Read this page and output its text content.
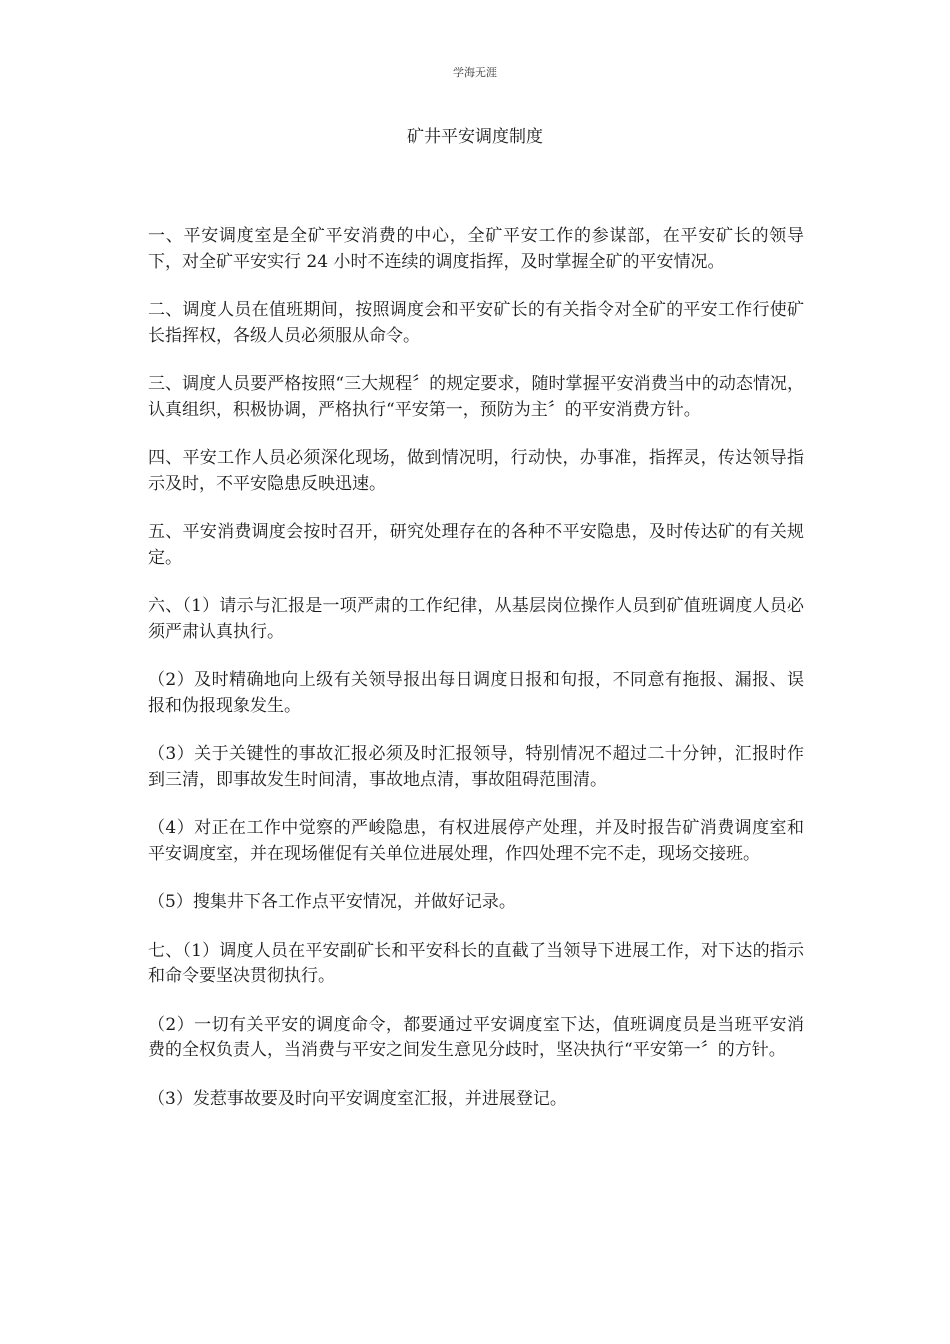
学海无涯
矿井平安调度制度

一、平安调度室是全矿平安消费的中心，全矿平安工作的参谋部，在平安矿长的领导下，对全矿平安实行 24 小时不连续的调度指挥，及时掌握全矿的平安情况。

二、调度人员在值班期间，按照调度会和平安矿长的有关指令对全矿的平安工作行使矿长指挥权，各级人员必须服从命令。

三、调度人员要严格按照“三大规程〞的规定要求，随时掌握平安消费当中的动态情况，认真组织，积极协调，严格执行“平安第一，预防为主〞的平安消费方针。

四、平安工作人员必须深化现场，做到情况明，行动快，办事准，指挥灵，传达领导指示及时，不平安隐患反映迅速。

五、平安消费调度会按时召开，研究处理存在的各种不平安隐患，及时传达矿的有关规定。

六、（1）请示与汇报是一项严肃的工作纪律，从基层岗位操作人员到矿值班调度人员必须严肃认真执行。

（2）及时精确地向上级有关领导报出每日调度日报和旬报，不同意有拖报、漏报、误报和伪报现象发生。

（3）关于关键性的事故汇报必须及时汇报领导，特别情况不超过二十分钟，汇报时作到三清，即事故发生时间清，事故地点清，事故阻碍范围清。

（4）对正在工作中觉察的严峻隐患，有权进展停产处理，并及时报告矿消费调度室和平安调度室，并在现场催促有关单位进展处理，作四处理不完不走，现场交接班。

（5）搜集井下各工作点平安情况，并做好记录。

七、（1）调度人员在平安副矿长和平安科长的直截了当领导下进展工作，对下达的指示和命令要坚决贯彻执行。

（2）一切有关平安的调度命令，都要通过平安调度室下达，值班调度员是当班平安消费的全权负责人，当消费与平安之间发生意见分歧时，坚决执行“平安第一〞的方针。

（3）发惹事故要及时向平安调度室汇报，并进展登记。
